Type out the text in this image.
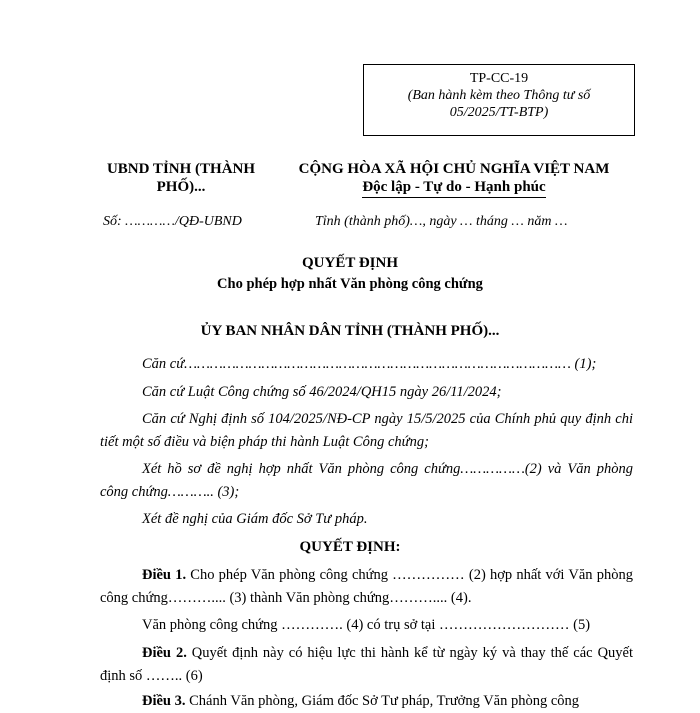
TP-CC-19
(Ban hành kèm theo Thông tư số
05/2025/TT-BTP)
UBND TỈNH (THÀNH PHỐ)...
CỘNG HÒA XÃ HỘI CHỦ NGHĨA VIỆT NAM
Độc lập - Tự do - Hạnh phúc
Số: …………/QĐ-UBND	Tỉnh (thành phố)…, ngày … tháng … năm …
QUYẾT ĐỊNH
Cho phép hợp nhất Văn phòng công chứng
ỦY BAN NHÂN DÂN TỈNH (THÀNH PHỐ)...
Căn cứ……………………………………………………………………………… (1);
Căn cứ Luật Công chứng số 46/2024/QH15 ngày 26/11/2024;
Căn cứ Nghị định số 104/2025/NĐ-CP ngày 15/5/2025 của Chính phủ quy định chi tiết một số điều và biện pháp thi hành Luật Công chứng;
Xét hồ sơ đề nghị hợp nhất Văn phòng công chứng……………(2) và Văn phòng công chứng……….. (3);
Xét đề nghị của Giám đốc Sở Tư pháp.
QUYẾT ĐỊNH:
Điều 1. Cho phép Văn phòng công chứng …………… (2) hợp nhất với Văn phòng công chứng……….... (3) thành Văn phòng chứng……….... (4).
Văn phòng công chứng …………. (4) có trụ sở tại ……………………… (5)
Điều 2. Quyết định này có hiệu lực thi hành kể từ ngày ký và thay thế các Quyết định số …….. (6)
Điều 3. Chánh Văn phòng, Giám đốc Sở Tư pháp, Trưởng Văn phòng công
